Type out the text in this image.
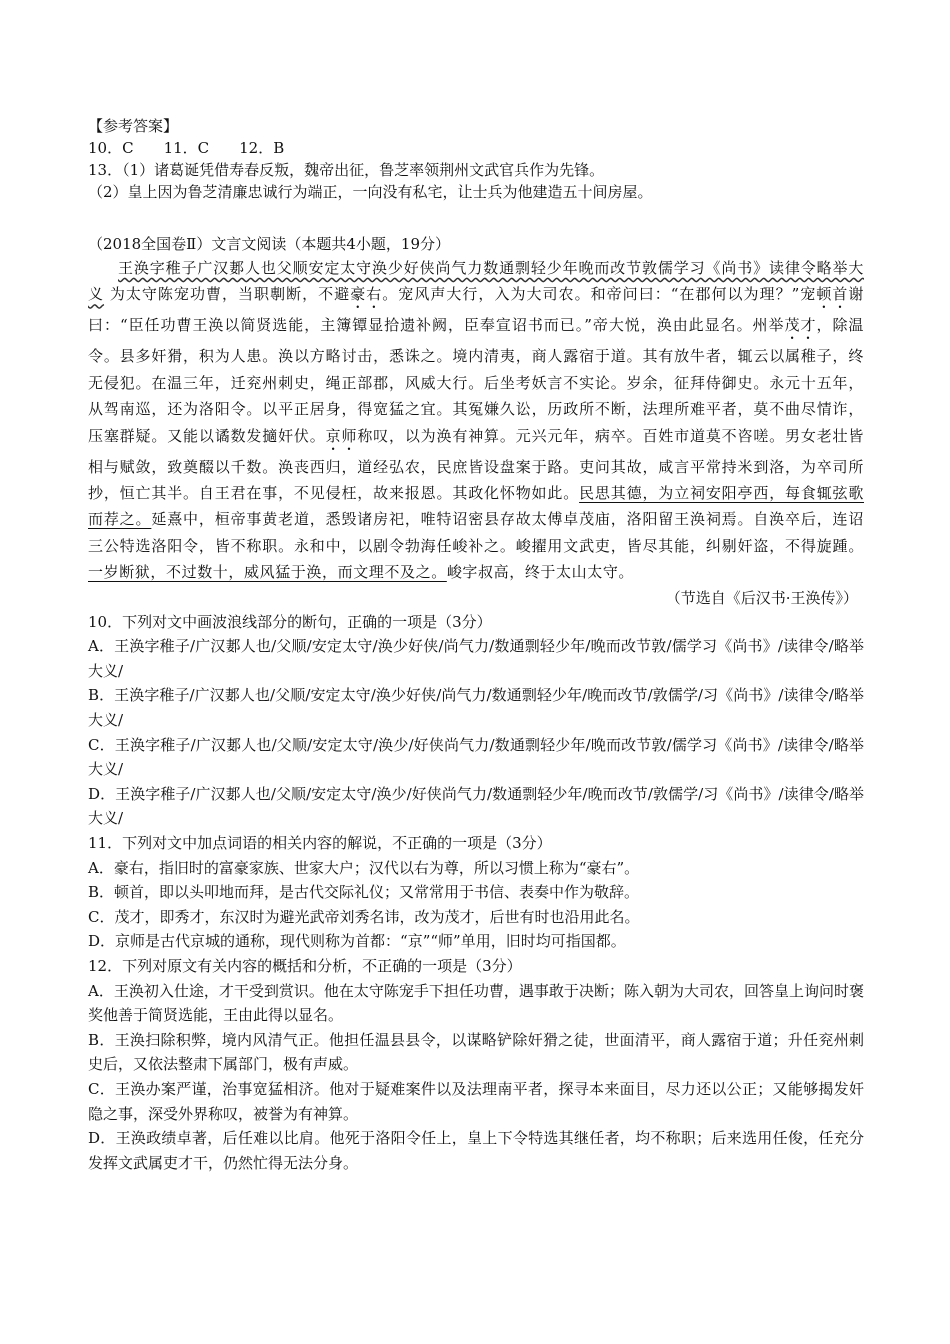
【参考答案】
10．C　　11．C　　12．B
13．（1）诸葛诞凭借寿春反叛，魏帝出征，鲁芝率领荆州文武官兵作为先锋。
（2）皇上因为鲁芝清廉忠诚行为端正，一向没有私宅，让士兵为他建造五十间房屋。
（2018全国卷Ⅱ）文言文阅读（本题共4小题，19分）

王涣字稚子广汉郪人也父顺安定太守涣少好侠尚气力数通剽轻少年晚而改节敦儒学习《尚书》读律令略举大义 为太守陈宠功曹，当职剸断，不避豪右。宠风声大行，入为大司农。和帝问曰：“在郡何以为理？”宠顿首谢曰：“臣任功曹王涣以简贤选能，主簿镡显拾遗补阙，臣奉宣诏书而已。”帝大悦，涣由此显名。州举茂才，除温令。县多奸猾，积为人患。涣以方略讨击，悉诛之。境内清夷，商人露宿于道。其有放牛者，辄云以属稚子，终无侵犯。在温三年，迁兖州刺史，绳正部郡，风威大行。后坐考妖言不实论。岁余，征拜侍御史。永元十五年，从驾南巡，还为洛阳令。以平正居身，得宽猛之宜。其冤嫌久讼，历政所不断，法理所难平者，莫不曲尽情诈，压塞群疑。又能以谲数发擿奸伏。京师称叹，以为涣有神算。元兴元年，病卒。百姓市道莫不咨嗟。男女老壮皆相与赋敛，致奠醊以千数。涣丧西归，道经弘农，民庶皆设盘案于路。吏问其故，咸言平常持米到洛，为卒司所抄，恒亡其半。自王君在事，不见侵枉，故来报恩。其政化怀物如此。民思其德，为立祠安阳亭西，每食辄弦歌而荐之。延熹中，桓帝事黄老道，悉毁诸房祀，唯特诏密县存故太傅卓茂庙，洛阳留王涣祠焉。自涣卒后，连诏三公特选洛阳令，皆不称职。永和中，以剧令勃海任峻补之。峻擢用文武吏，皆尽其能，纠剔奸盗，不得旋踵。一岁断狱，不过数十，威风猛于涣，而文理不及之。峻字叔高，终于太山太守。

（节选自《后汉书·王涣传》）
10．下列对文中画波浪线部分的断句，正确的一项是（3分）
A．王涣字稚子/广汉郪人也/父顺/安定太守/涣少好侠/尚气力/数通剽轻少年/晚而改节敦/儒学习《尚书》/读律令/略举大义/
B．王涣字稚子/广汉郪人也/父顺/安定太守/涣少好侠/尚气力/数通剽轻少年/晚而改节/敦儒学/习《尚书》/读律令/略举大义/
C．王涣字稚子/广汉郪人也/父顺/安定太守/涣少/好侠尚气力/数通剽轻少年/晚而改节敦/儒学习《尚书》/读律令/略举大义/
D．王涣字稚子/广汉郪人也/父顺/安定太守/涣少/好侠尚气力/数通剽轻少年/晚而改节/敦儒学/习《尚书》/读律令/略举大义/
11．下列对文中加点词语的相关内容的解说，不正确的一项是（3分）
A．豪右，指旧时的富豪家族、世家大户；汉代以右为尊，所以习惯上称为“豪右”。
B．顿首，即以头叩地而拜，是古代交际礼仪；又常常用于书信、表奏中作为敬辞。
C．茂才，即秀才，东汉时为避光武帝刘秀名讳，改为茂才，后世有时也沿用此名。
D．京师是古代京城的通称，现代则称为首都：“京”“师”单用，旧时均可指国都。
12．下列对原文有关内容的概括和分析，不正确的一项是（3分）
A．王涣初入仕途，才干受到赏识。他在太守陈宠手下担任功曹，遇事敢于决断；陈入朝为大司农，回答皇上询问时褒奖他善于简贤选能，王由此得以显名。
B．王涣扫除积弊，境内风清气正。他担任温县县令，以谋略铲除奸猾之徒，世面清平，商人露宿于道；升任兖州刺史后，又依法整肃下属部门，极有声威。
C．王涣办案严谨，治事宽猛相济。他对于疑难案件以及法理南平者，探寻本来面目，尽力还以公正；又能够揭发奸隐之事，深受外界称叹，被誉为有神算。
D．王涣政绩卓著，后任难以比肩。他死于洛阳令任上，皇上下令特选其继任者，均不称职；后来选用任俊，任充分发挥文武属吏才干，仍然忙得无法分身。
